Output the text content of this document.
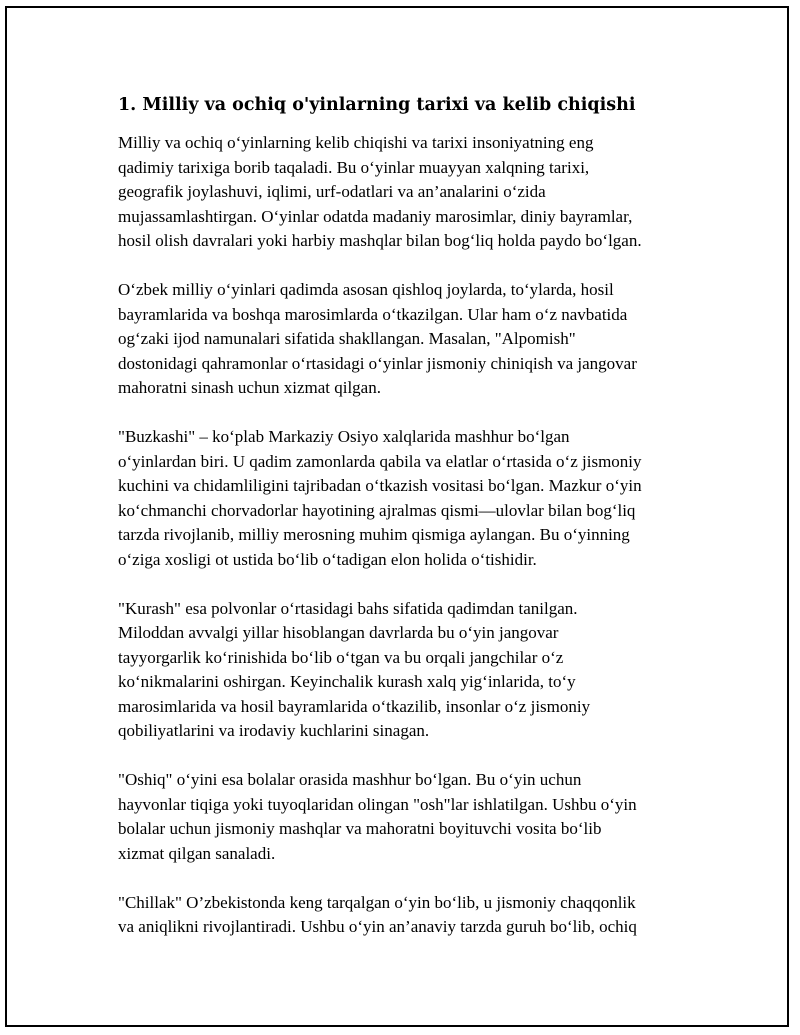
1. Milliy va ochiq o'yinlarning tarixi va kelib chiqishi

Milliy va ochiq o‘yinlarning kelib chiqishi va tarixi insoniyatning eng
qadimiy tarixiga borib taqaladi. Bu o‘yinlar muayyan xalqning tarixi,
geografik joylashuvi, iqlimi, urf-odatlari va an’analarini o‘zida
mujassamlashtirgan. O‘yinlar odatda madaniy marosimlar, diniy bayramlar,
hosil olish davralari yoki harbiy mashqlar bilan bog‘liq holda paydo bo‘lgan.

O‘zbek milliy o‘yinlari qadimda asosan qishloq joylarda, to‘ylarda, hosil
bayramlarida va boshqa marosimlarda o‘tkazilgan. Ular ham o‘z navbatida
og‘zaki ijod namunalari sifatida shakllangan. Masalan, "Alpomish"
dostonidagi qahramonlar o‘rtasidagi o‘yinlar jismoniy chiniqish va jangovar
mahoratni sinash uchun xizmat qilgan.

"Buzkashi" – ko‘plab Markaziy Osiyo xalqlarida mashhur bo‘lgan
o‘yinlardan biri. U qadim zamonlarda qabila va elatlar o‘rtasida o‘z jismoniy
kuchini va chidamliligini tajribadan o‘tkazish vositasi bo‘lgan. Mazkur o‘yin
ko‘chmanchi chorvadorlar hayotining ajralmas qismi—ulovlar bilan bog‘liq
tarzda rivojlanib, milliy merosning muhim qismiga aylangan. Bu o‘yinning
o‘ziga xosligi ot ustida bo‘lib o‘tadigan elon holida o‘tishidir.

"Kurash" esa polvonlar o‘rtasidagi bahs sifatida qadimdan tanilgan.
Miloddan avvalgi yillar hisoblangan davrlarda bu o‘yin jangovar
tayyorgarlik ko‘rinishida bo‘lib o‘tgan va bu orqali jangchilar o‘z
ko‘nikmalarini oshirgan. Keyinchalik kurash xalq yig‘inlarida, to‘y
marosimlarida va hosil bayramlarida o‘tkazilib, insonlar o‘z jismoniy
qobiliyatlarini va irodaviy kuchlarini sinagan.

"Oshiq" o‘yini esa bolalar orasida mashhur bo‘lgan. Bu o‘yin uchun
hayvonlar tiqiga yoki tuyoqlaridan olingan "osh"lar ishlatilgan. Ushbu o‘yin
bolalar uchun jismoniy mashqlar va mahoratni boyituvchi vosita bo‘lib
xizmat qilgan sanaladi.

"Chillak" O’zbekistonda keng tarqalgan o‘yin bo‘lib, u jismoniy chaqqonlik
va aniqlikni rivojlantiradi. Ushbu o‘yin an’anaviy tarzda guruh bo‘lib, ochiq
